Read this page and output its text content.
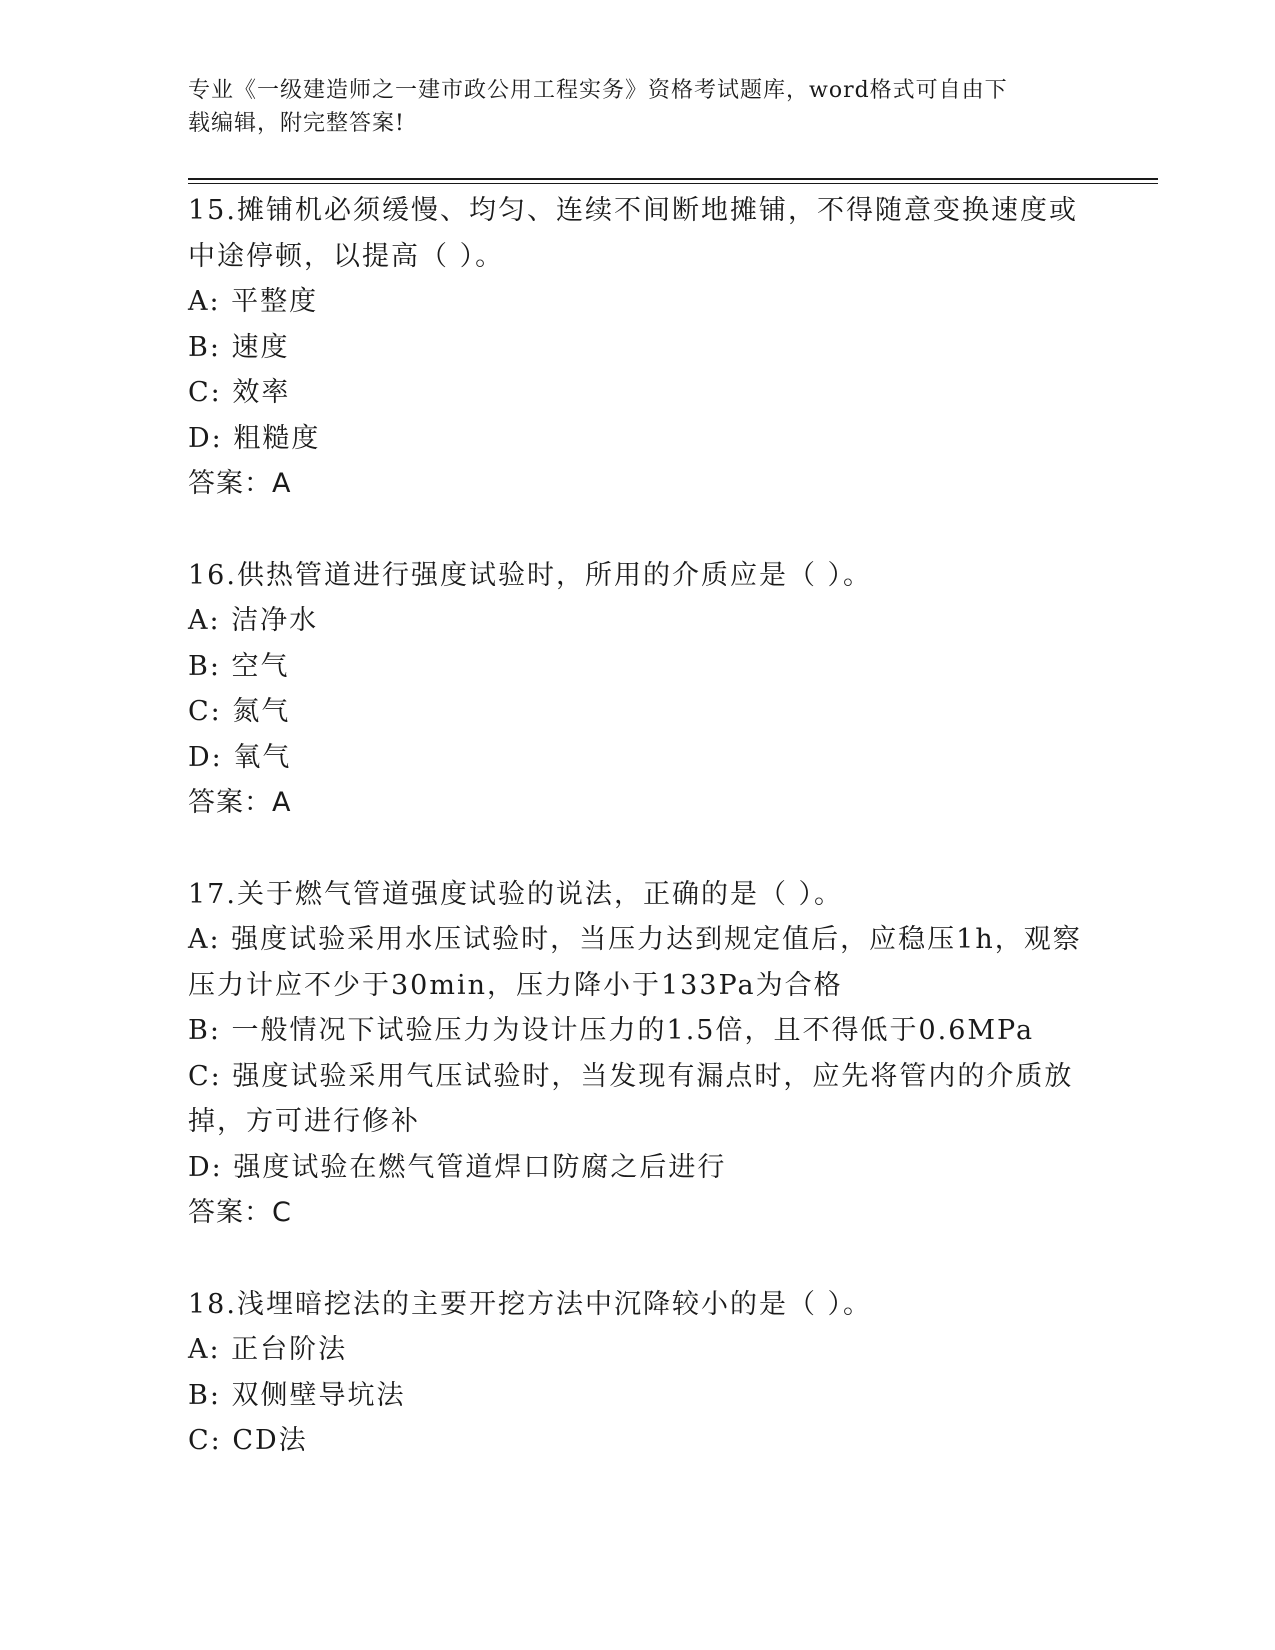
专业《一级建造师之一建市政公用工程实务》资格考试题库，word格式可自由下
载编辑，附完整答案!
15.摊铺机必须缓慢、均匀、连续不间断地摊铺，不得随意变换速度或
中途停顿，以提高（ ）。
A: 平整度
B: 速度
C: 效率
D: 粗糙度
答案：A
16.供热管道进行强度试验时，所用的介质应是（ ）。
A: 洁净水
B: 空气
C: 氮气
D: 氧气
答案：A
17.关于燃气管道强度试验的说法，正确的是（ ）。
A: 强度试验采用水压试验时，当压力达到规定值后，应稳压1h，观察
压力计应不少于30min，压力降小于133Pa为合格
B: 一般情况下试验压力为设计压力的1.5倍，且不得低于0.6MPa
C: 强度试验采用气压试验时，当发现有漏点时，应先将管内的介质放
掉，方可进行修补
D: 强度试验在燃气管道焊口防腐之后进行
答案：C
18.浅埋暗挖法的主要开挖方法中沉降较小的是（ ）。
A: 正台阶法
B: 双侧壁导坑法
C: CD法
